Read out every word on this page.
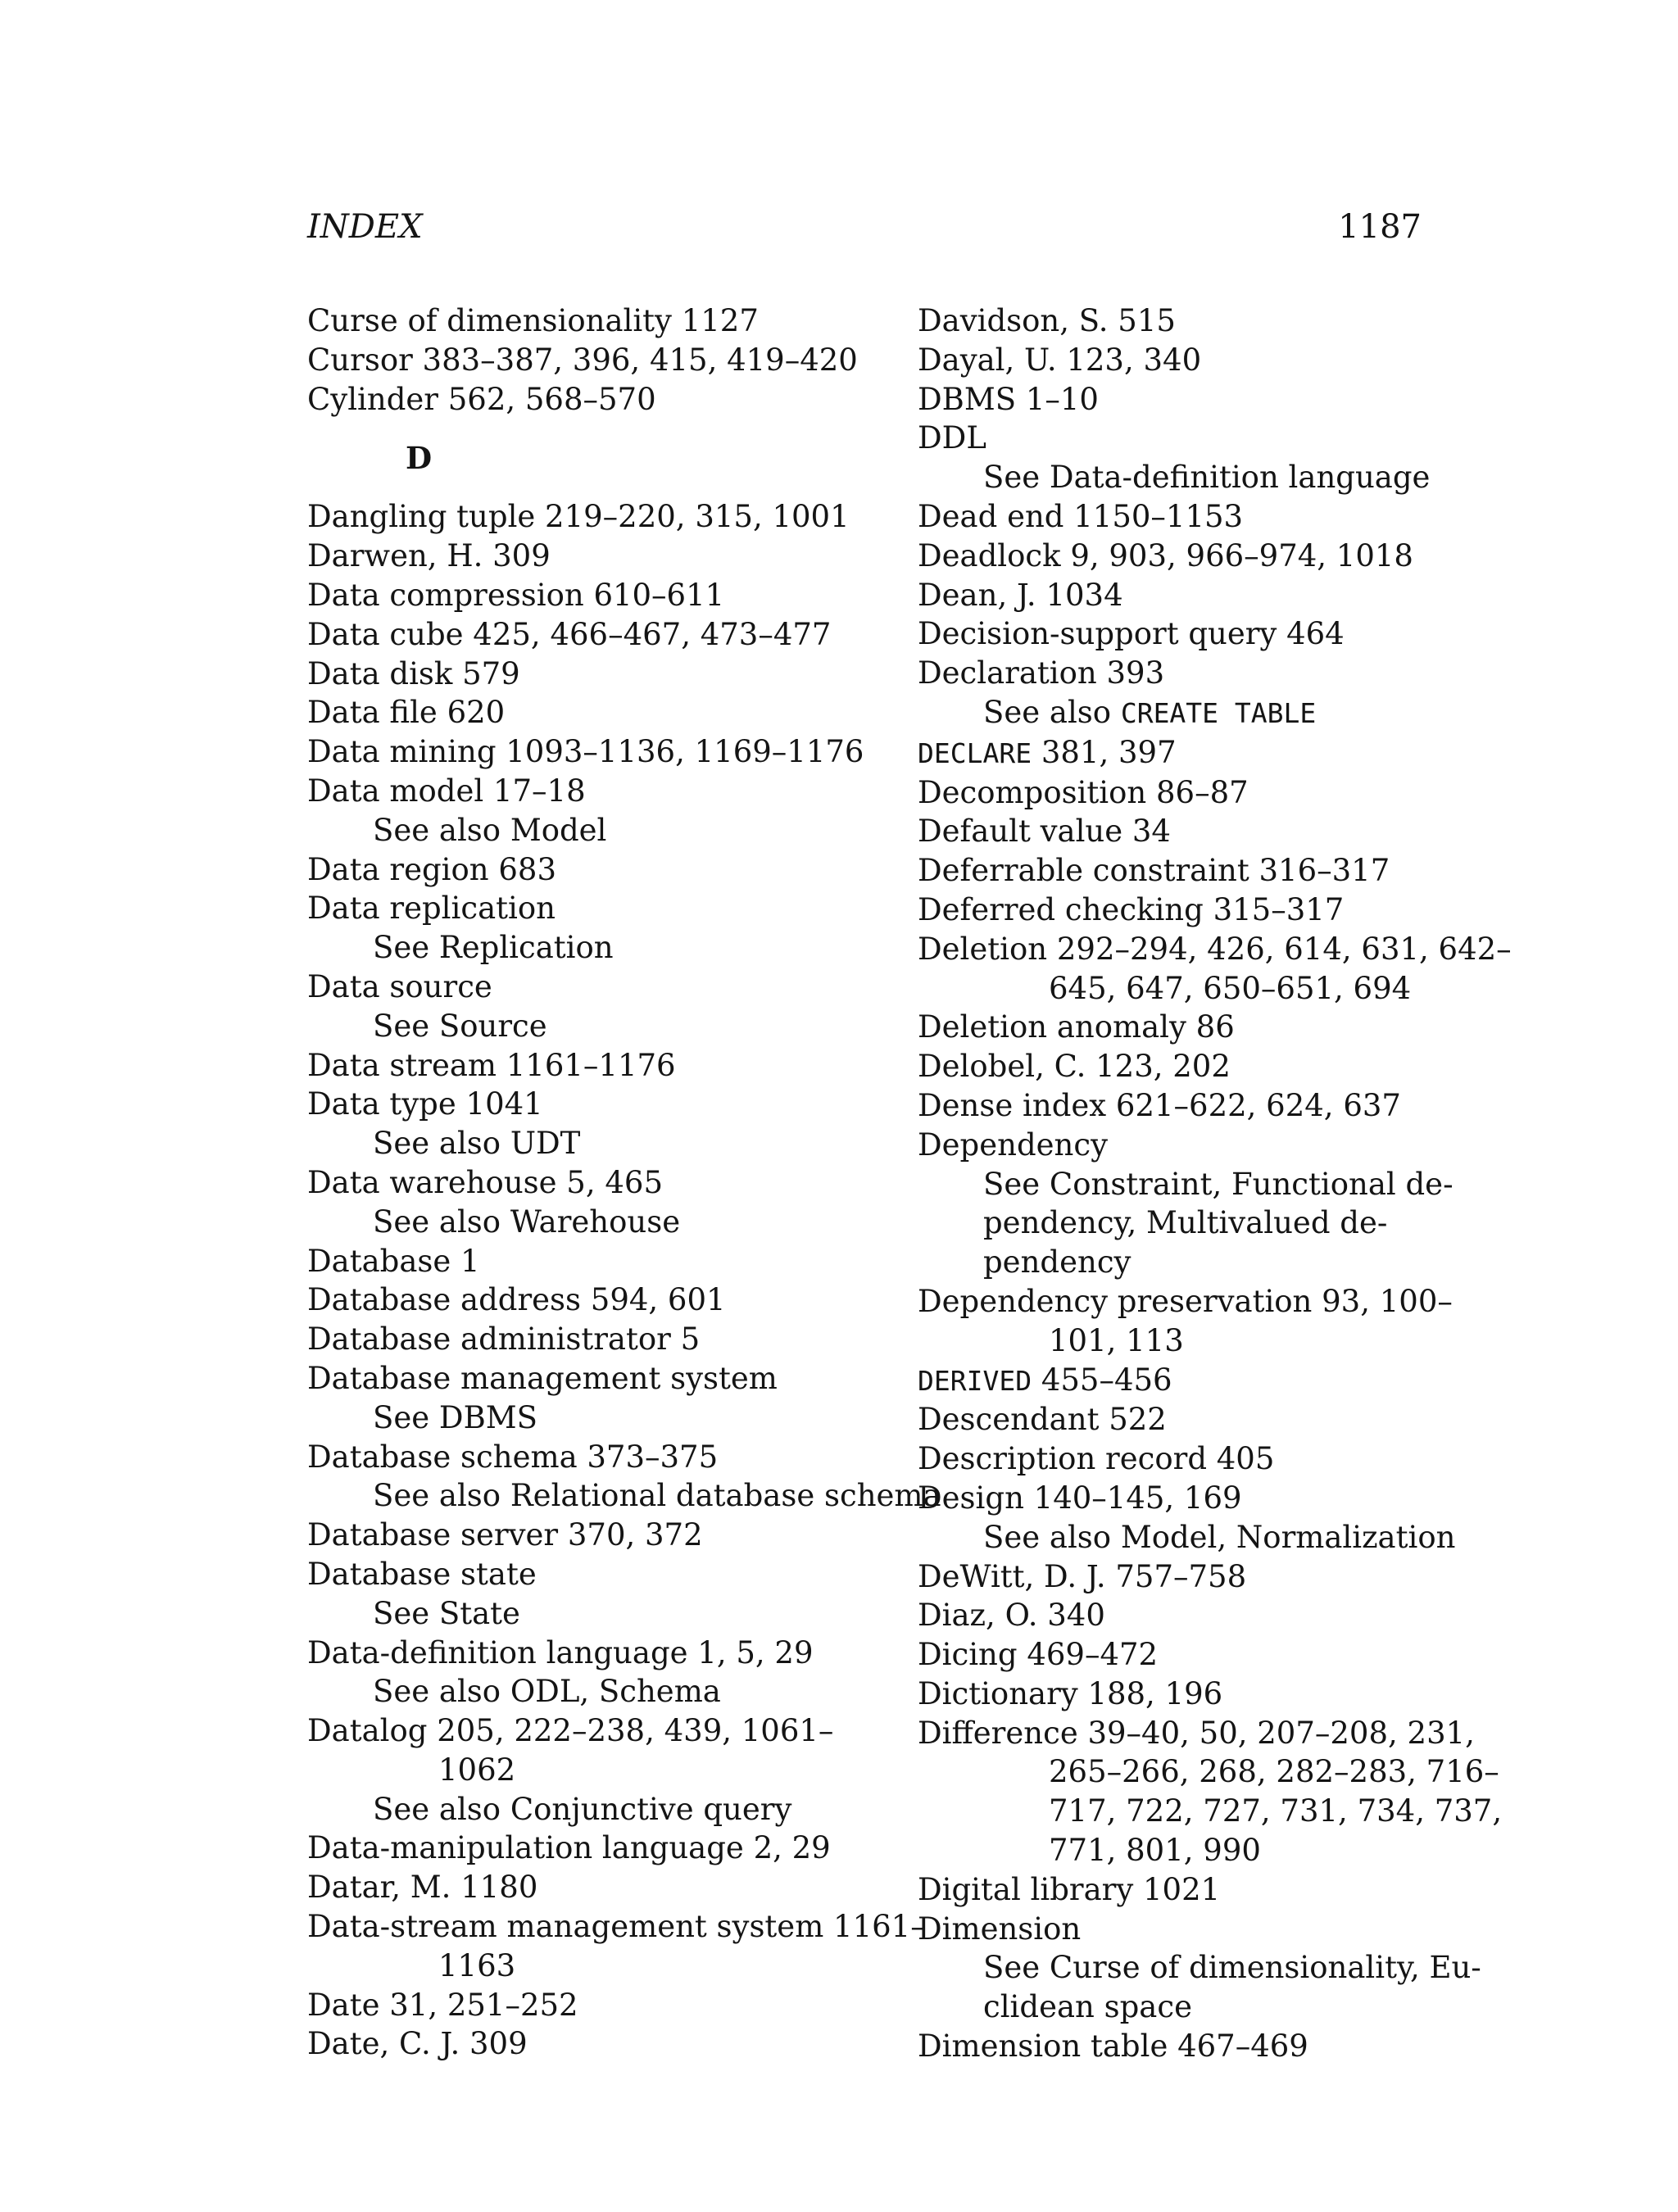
INDEX	1187
Curse of dimensionality 1127
Cursor 383–387, 396, 415, 419–420
Cylinder 562, 568–570
D
Dangling tuple 219–220, 315, 1001
Darwen, H. 309
Data compression 610–611
Data cube 425, 466–467, 473–477
Data disk 579
Data file 620
Data mining 1093–1136, 1169–1176
Data model 17–18
See also Model
Data region 683
Data replication
See Replication
Data source
See Source
Data stream 1161–1176
Data type 1041
See also UDT
Data warehouse 5, 465
See also Warehouse
Database 1
Database address 594, 601
Database administrator 5
Database management system
See DBMS
Database schema 373–375
See also Relational database schema
Database server 370, 372
Database state
See State
Data-definition language 1, 5, 29
See also ODL, Schema
Datalog 205, 222–238, 439, 1061–
1062
See also Conjunctive query
Data-manipulation language 2, 29
Datar, M. 1180
Data-stream management system 1161–
1163
Date 31, 251–252
Date, C. J. 309
Davidson, S. 515
Dayal, U. 123, 340
DBMS 1–10
DDL
See Data-definition language
Dead end 1150–1153
Deadlock 9, 903, 966–974, 1018
Dean, J. 1034
Decision-support query 464
Declaration 393
See also CREATE TABLE
DECLARE 381, 397
Decomposition 86–87
Default value 34
Deferrable constraint 316–317
Deferred checking 315–317
Deletion 292–294, 426, 614, 631, 642–
645, 647, 650–651, 694
Deletion anomaly 86
Delobel, C. 123, 202
Dense index 621–622, 624, 637
Dependency
See Constraint, Functional de-
pendency, Multivalued de-
pendency
Dependency preservation 93, 100–
101, 113
DERIVED 455–456
Descendant 522
Description record 405
Design 140–145, 169
See also Model, Normalization
DeWitt, D. J. 757–758
Diaz, O. 340
Dicing 469–472
Dictionary 188, 196
Difference 39–40, 50, 207–208, 231,
265–266, 268, 282–283, 716–
717, 722, 727, 731, 734, 737,
771, 801, 990
Digital library 1021
Dimension
See Curse of dimensionality, Eu-
clidean space
Dimension table 467–469
